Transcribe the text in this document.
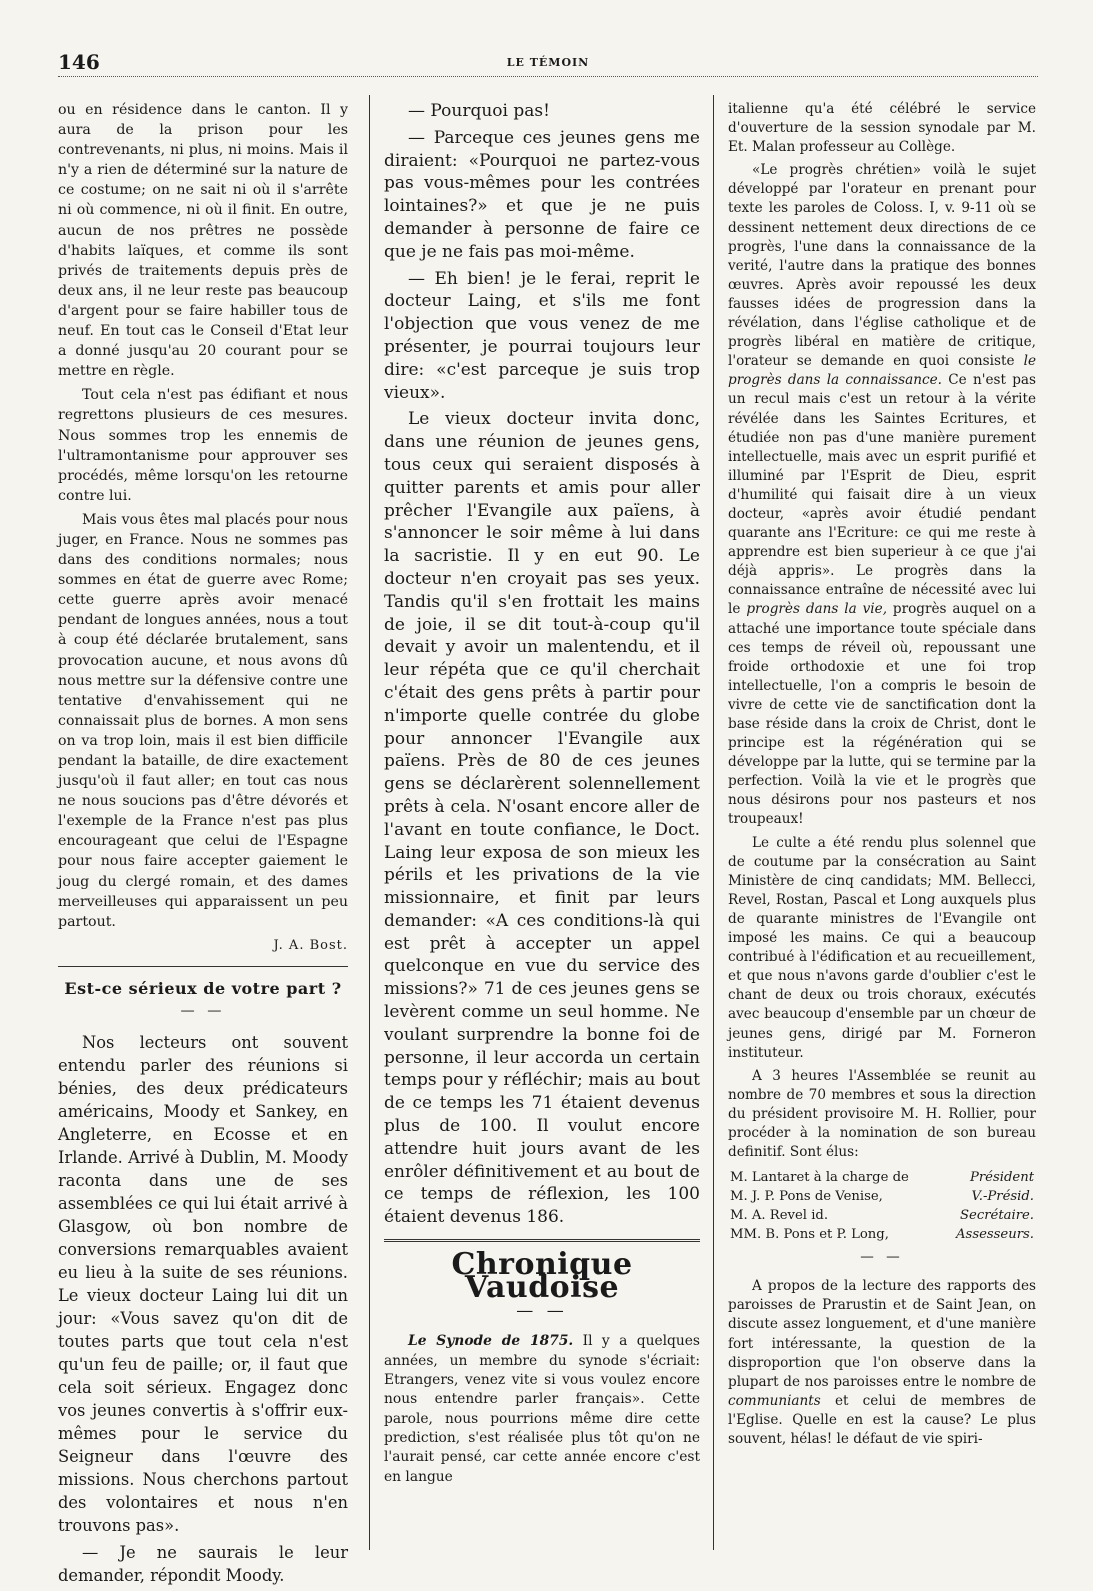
146	LE TÉMOIN

ou en résidence dans le canton. Il y aura de la prison pour les contrevenants, ni plus, ni moins. Mais il n'y a rien de déterminé sur la nature de ce costume; on ne sait ni où il s'arrête ni où commence, ni où il finit. En outre, aucun de nos prêtres ne possède d'habits laïques, et comme ils sont privés de traitements depuis près de deux ans, il ne leur reste pas beaucoup d'argent pour se faire habiller tous de neuf. En tout cas le Conseil d'Etat leur a donné jusqu'au 20 courant pour se mettre en règle.

Tout cela n'est pas édifiant et nous regrettons plusieurs de ces mesures. Nous sommes trop les ennemis de l'ultramontanisme pour approuver ses procédés, même lorsqu'on les retourne contre lui.

Mais vous êtes mal placés pour nous juger, en France. Nous ne sommes pas dans des conditions normales; nous sommes en état de guerre avec Rome; cette guerre après avoir menacé pendant de longues années, nous a tout à coup été déclarée brutalement, sans provocation aucune, et nous avons dû nous mettre sur la défensive contre une tentative d'envahissement qui ne connaissait plus de bornes. A mon sens on va trop loin, mais il est bien difficile pendant la bataille, de dire exactement jusqu'où il faut aller; en tout cas nous ne nous soucions pas d'être dévorés et l'exemple de la France n'est pas plus encourageant que celui de l'Espagne pour nous faire accepter gaiement le joug du clergé romain, et des dames merveilleuses qui apparaissent un peu partout.

J. A. Bost.
Est-ce sérieux de votre part ?
— —

Nos lecteurs ont souvent entendu parler des réunions si bénies, des deux prédicateurs américains, Moody et Sankey, en Angleterre, en Ecosse et en Irlande. Arrivé à Dublin, M. Moody raconta dans une de ses assemblées ce qui lui était arrivé à Glasgow, où bon nombre de conversions remarquables avaient eu lieu à la suite de ses réunions. Le vieux docteur Laing lui dit un jour: «Vous savez qu'on dit de toutes parts que tout cela n'est qu'un feu de paille; or, il faut que cela soit sérieux. Engagez donc vos jeunes convertis à s'offrir eux-mêmes pour le service du Seigneur dans l'œuvre des missions. Nous cherchons partout des volontaires et nous n'en trouvons pas».

— Je ne saurais le leur demander, répondit Moody.

— Pourquoi pas!

— Parceque ces jeunes gens me diraient: «Pourquoi ne partez-vous pas vous-mêmes pour les contrées lointaines?» et que je ne puis demander à personne de faire ce que je ne fais pas moi-même.

— Eh bien! je le ferai, reprit le docteur Laing, et s'ils me font l'objection que vous venez de me présenter, je pourrai toujours leur dire: «c'est parceque je suis trop vieux».

Le vieux docteur invita donc, dans une réunion de jeunes gens, tous ceux qui seraient disposés à quitter parents et amis pour aller prêcher l'Evangile aux païens, à s'annoncer le soir même à lui dans la sacristie. Il y en eut 90. Le docteur n'en croyait pas ses yeux. Tandis qu'il s'en frottait les mains de joie, il se dit tout-à-coup qu'il devait y avoir un malentendu, et il leur répéta que ce qu'il cherchait c'était des gens prêts à partir pour n'importe quelle contrée du globe pour annoncer l'Evangile aux païens. Près de 80 de ces jeunes gens se déclarèrent solennellement prêts à cela. N'osant encore aller de l'avant en toute confiance, le Doct. Laing leur exposa de son mieux les périls et les privations de la vie missionnaire, et finit par leurs demander: «A ces conditions-là qui est prêt à accepter un appel quelconque en vue du service des missions?» 71 de ces jeunes gens se levèrent comme un seul homme. Ne voulant surprendre la bonne foi de personne, il leur accorda un certain temps pour y réfléchir; mais au bout de ce temps les 71 étaient devenus plus de 100. Il voulut encore attendre huit jours avant de les enrôler définitivement et au bout de ce temps de réflexion, les 100 étaient devenus 186.

Chronique Vaudoise
— —

Le Synode de 1875. Il y a quelques années, un membre du synode s'écriait: Etrangers, venez vite si vous voulez encore nous entendre parler français». Cette parole, nous pourrions même dire cette prediction, s'est réalisée plus tôt qu'on ne l'aurait pensé, car cette année encore c'est en langue

italienne qu'a été célébré le service d'ouverture de la session synodale par M. Et. Malan professeur au Collège.

«Le progrès chrétien» voilà le sujet développé par l'orateur en prenant pour texte les paroles de Coloss. I, v. 9-11 où se dessinent nettement deux directions de ce progrès, l'une dans la connaissance de la verité, l'autre dans la pratique des bonnes œuvres. Après avoir repoussé les deux fausses idées de progression dans la révélation, dans l'église catholique et de progrès libéral en matière de critique, l'orateur se demande en quoi consiste le progrès dans la connaissance. Ce n'est pas un recul mais c'est un retour à la vérite révélée dans les Saintes Ecritures, et étudiée non pas d'une manière purement intellectuelle, mais avec un esprit purifié et illuminé par l'Esprit de Dieu, esprit d'humilité qui faisait dire à un vieux docteur, «après avoir étudié pendant quarante ans l'Ecriture: ce qui me reste à apprendre est bien superieur à ce que j'ai déjà appris». Le progrès dans la connaissance entraîne de nécessité avec lui le progrès dans la vie, progrès auquel on a attaché une importance toute spéciale dans ces temps de réveil où, repoussant une froide orthodoxie et une foi trop intellectuelle, l'on a compris le besoin de vivre de cette vie de sanctification dont la base réside dans la croix de Christ, dont le principe est la régénération qui se développe par la lutte, qui se termine par la perfection. Voilà la vie et le progrès que nous désirons pour nos pasteurs et nos troupeaux!

Le culte a été rendu plus solennel que de coutume par la consécration au Saint Ministère de cinq candidats; MM. Bellecci, Revel, Rostan, Pascal et Long auxquels plus de quarante ministres de l'Evangile ont imposé les mains. Ce qui a beaucoup contribué à l'édification et au recueillement, et que nous n'avons garde d'oublier c'est le chant de deux ou trois choraux, exécutés avec beaucoup d'ensemble par un chœur de jeunes gens, dirigé par M. Forneron instituteur.

A 3 heures l'Assemblée se reunit au nombre de 70 membres et sous la direction du président provisoire M. H. Rollier, pour procéder à la nomination de son bureau definitif. Sont élus:

M. Lantaret à la charge de	Président
M. J. P. Pons de Venise,	V.-Présid.
M. A. Revel id.	Secrétaire.
MM. B. Pons et P. Long,	Assesseurs.
— —

A propos de la lecture des rapports des paroisses de Prarustin et de Saint Jean, on discute assez longuement, et d'une manière fort intéressante, la question de la disproportion que l'on observe dans la plupart de nos paroisses entre le nombre de communiants et celui de membres de l'Eglise. Quelle en est la cause? Le plus souvent, hélas! le défaut de vie spiri-
